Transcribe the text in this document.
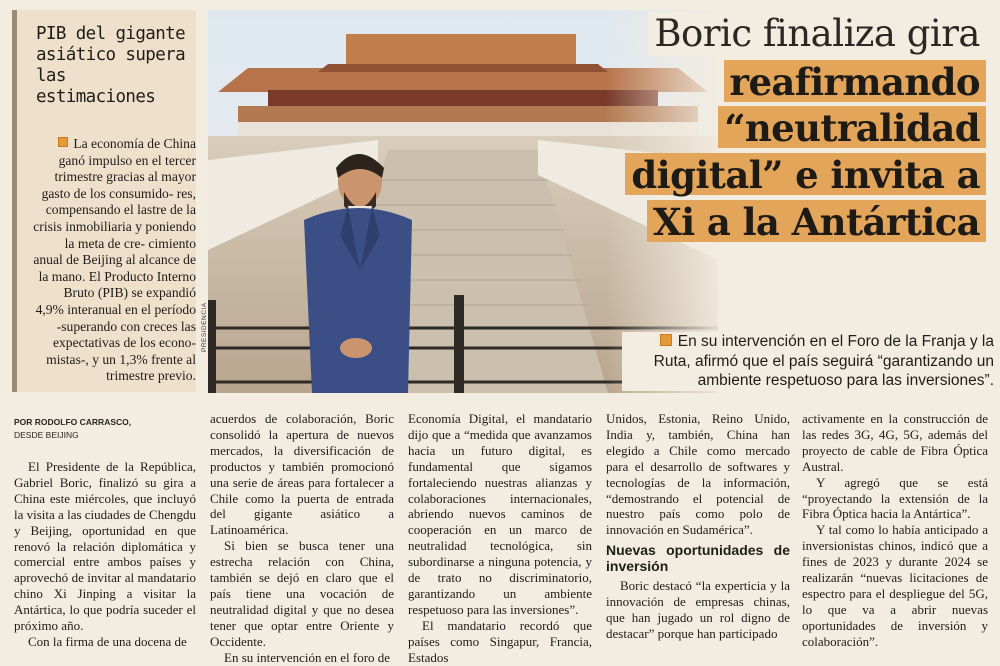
PIB del gigante asiático supera las estimaciones
La economía de China ganó impulso en el tercer trimestre gracias al mayor gasto de los consumido- res, compensando el lastre de la crisis inmobiliaria y poniendo la meta de cre- cimiento anual de Beijing al alcance de la mano. El Producto Interno Bruto (PIB) se expandió 4,9% interanual en el período -superando con creces las expectativas de los econo- mistas-, y un 1,3% frente al trimestre previo.
PRESIDENCIA
Boric finaliza gira
reafirmando
“neutralidad
digital” e invita a
Xi a la Antártica
En su intervención en el Foro de la Franja y la Ruta, afirmó que el país seguirá “garantizando un ambiente respetuoso para las inversiones”.
POR RODOLFO CARRASCO,
DESDE BEIJING

El Presidente de la República, Gabriel Boric, finalizó su gira a China este miércoles, que incluyó la visita a las ciudades de Chengdu y Beijing, oportunidad en que renovó la relación diplomática y comercial entre ambos países y aprovechó de invitar al mandatario chino Xi Jinping a visitar la Antártica, lo que podría suceder el próximo año.

Con la firma de una docena de

acuerdos de colaboración, Boric consolidó la apertura de nuevos mercados, la diversificación de productos y también promocionó una serie de áreas para fortalecer a Chile como la puerta de entrada del gigante asiático a Latinoamérica.

Si bien se busca tener una estrecha relación con China, también se dejó en claro que el país tiene una vocación de neutralidad digital y que no desea tener que optar entre Oriente y Occidente.

En su intervención en el foro de

Economía Digital, el mandatario dijo que a “medida que avanzamos hacia un futuro digital, es fundamental que sigamos fortaleciendo nuestras alianzas y colaboraciones internacionales, abriendo nuevos caminos de cooperación en un marco de neutralidad tecnológica, sin subordinarse a ninguna potencia, y de trato no discriminatorio, garantizando un ambiente respetuoso para las inversiones”.

El mandatario recordó que países como Singapur, Francia, Estados

Unidos, Estonia, Reino Unido, India y, también, China han elegido a Chile como mercado para el desarrollo de softwares y tecnologías de la información, “demostrando el potencial de nuestro país como polo de innovación en Sudamérica”.

Nuevas oportunidades de inversión

Boric destacó “la experticia y la innovación de empresas chinas, que han jugado un rol digno de destacar” porque han participado

activamente en la construcción de las redes 3G, 4G, 5G, además del proyecto de cable de Fibra Óptica Austral.

Y agregó que se está “proyectando la extensión de la Fibra Óptica hacia la Antártica”.

Y tal como lo había anticipado a inversionistas chinos, indicó que a fines de 2023 y durante 2024 se realizarán “nuevas licitaciones de espectro para el despliegue del 5G, lo que va a abrir nuevas oportunidades de inversión y colaboración”.
